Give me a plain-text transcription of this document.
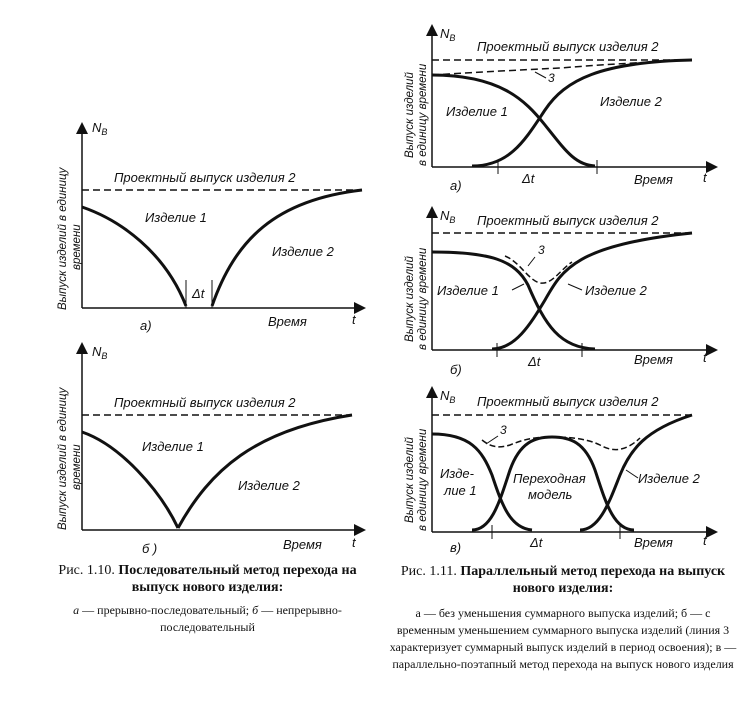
Δt
$N_B$
Проектный выпуск изделия 2
Изделие 1
Изделие 2
Время	t
а)
Выпуск изделий в единицу времени
$N_B$
Проектный выпуск изделия 2
Изделие 1
Изделие 2
Время t
б )
Выпуск изделий в единицу времени
Δt
$N_B$
Проектный выпуск изделия 2
3
Изделие 1
Изделие 2
Время t
а)
Выпуск изделий в единицу времени
Δt
$N_B$ Проектный выпуск изделия 2
3
Изделие 1	Изделие 2
Время t
б)
Выпуск изделий в единицу времени
Δt
$N_B$ Проектный выпуск изделия 2
3
Изде-
лие 1
Переходная
модель
Изделие 2
Время t
в)
Выпуск изделий в единицу времени
Рис. 1.10. Последовательный метод перехода на выпуск нового изделия:
а — прерывно-последовательный; б — непрерывно-последовательный
Рис. 1.11. Параллельный метод перехода на выпуск нового изделия:
а — без уменьшения суммарного выпуска изделий; б — с временным уменьшением суммарного выпуска изделий (линия 3 характеризует суммарный выпуск изделий в период освоения); в — параллельно-поэтапный метод перехода на выпуск нового изделия
